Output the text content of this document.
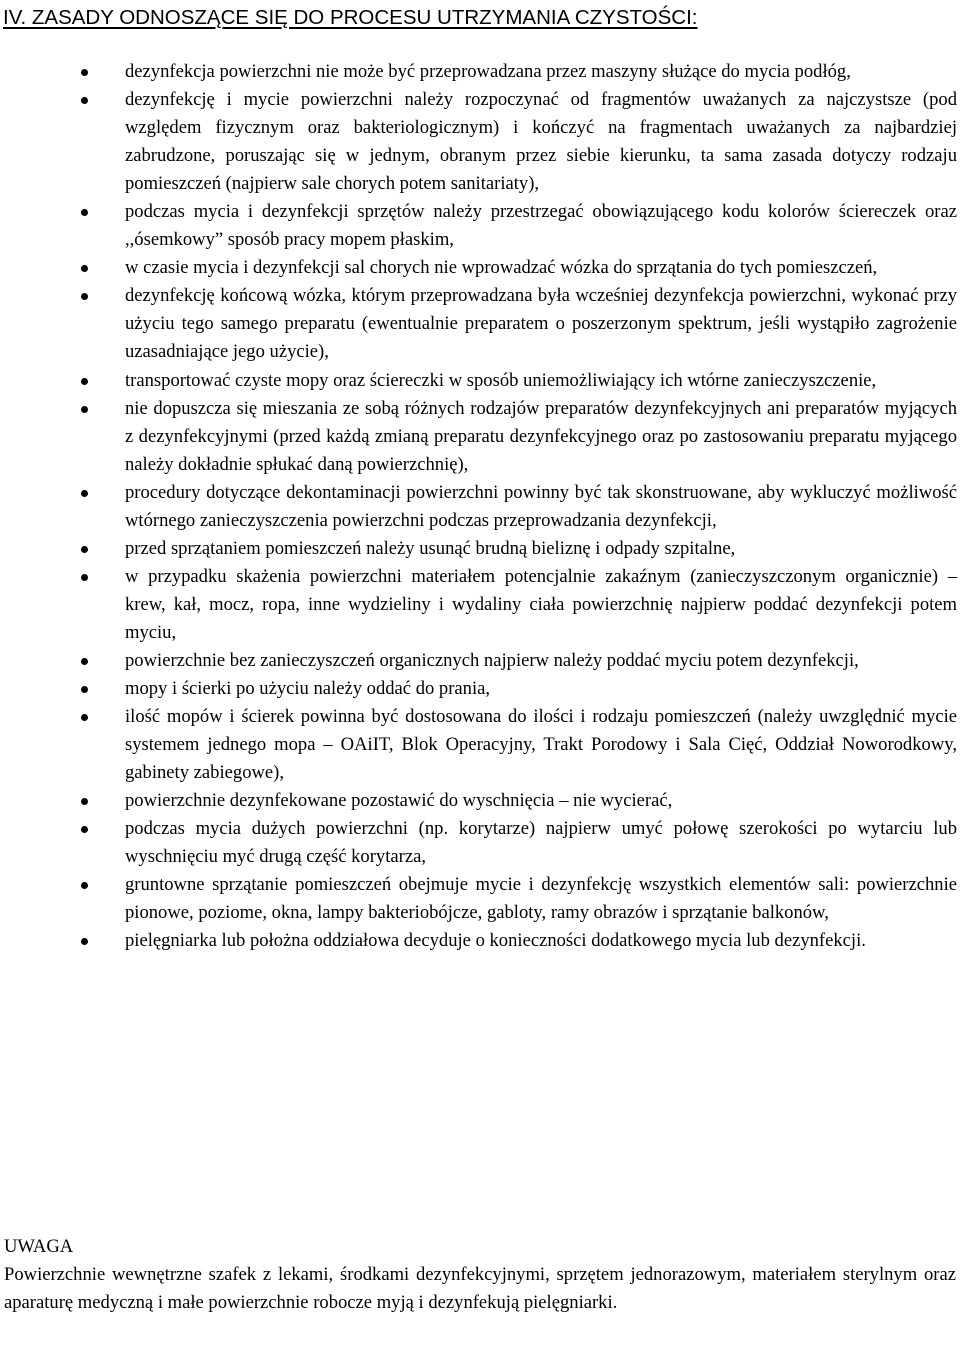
IV. ZASADY ODNOSZĄCE SIĘ DO PROCESU UTRZYMANIA CZYSTOŚCI:
dezynfekcja powierzchni nie może być przeprowadzana przez maszyny służące do mycia podłóg,
dezynfekcję i mycie powierzchni należy rozpoczynać od fragmentów uważanych za najczystsze (pod względem fizycznym oraz bakteriologicznym) i kończyć na fragmentach uważanych za najbardziej zabrudzone, poruszając się w jednym, obranym przez siebie kierunku, ta sama zasada dotyczy rodzaju pomieszczeń (najpierw sale chorych potem sanitariaty),
podczas mycia i dezynfekcji sprzętów należy przestrzegać obowiązującego kodu kolorów ściereczek oraz ,,ósemkowy” sposób pracy mopem płaskim,
w czasie mycia i dezynfekcji sal chorych nie wprowadzać wózka do sprzątania do tych pomieszczeń,
dezynfekcję końcową wózka, którym przeprowadzana była wcześniej dezynfekcja powierzchni, wykonać przy użyciu tego samego preparatu (ewentualnie preparatem o poszerzonym spektrum, jeśli wystąpiło zagrożenie uzasadniające jego użycie),
transportować czyste mopy oraz ściereczki w sposób uniemożliwiający ich wtórne zanieczyszczenie,
nie dopuszcza się mieszania ze sobą różnych rodzajów preparatów dezynfekcyjnych ani preparatów myjących z dezynfekcyjnymi (przed każdą zmianą preparatu dezynfekcyjnego oraz po zastosowaniu preparatu myjącego należy dokładnie spłukać daną powierzchnię),
procedury dotyczące dekontaminacji powierzchni powinny być tak skonstruowane, aby wykluczyć możliwość wtórnego zanieczyszczenia powierzchni podczas przeprowadzania dezynfekcji,
przed sprzątaniem pomieszczeń należy usunąć brudną bieliznę i odpady szpitalne,
w przypadku skażenia powierzchni materiałem potencjalnie zakaźnym (zanieczyszczonym organicznie) – krew, kał, mocz, ropa, inne wydzieliny i wydaliny ciała powierzchnię najpierw poddać dezynfekcji potem myciu,
powierzchnie bez zanieczyszczeń organicznych najpierw należy poddać myciu potem dezynfekcji,
mopy i ścierki po użyciu należy oddać do prania,
ilość mopów i ścierek powinna być dostosowana do ilości i rodzaju pomieszczeń (należy uwzględnić mycie systemem jednego mopa – OAiIT, Blok Operacyjny, Trakt Porodowy i Sala Cięć, Oddział Noworodkowy, gabinety zabiegowe),
powierzchnie dezynfekowane pozostawić do wyschnięcia – nie wycierać,
podczas mycia dużych powierzchni (np. korytarze) najpierw umyć połowę szerokości po wytarciu lub wyschnięciu myć drugą część korytarza,
gruntowne sprzątanie pomieszczeń obejmuje mycie i dezynfekcję wszystkich elementów sali: powierzchnie pionowe, poziome, okna, lampy bakteriobójcze, gabloty, ramy obrazów i sprzątanie balkonów,
pielęgniarka lub położna oddziałowa decyduje o konieczności dodatkowego mycia lub dezynfekcji.
UWAGA
Powierzchnie wewnętrzne szafek z lekami, środkami dezynfekcyjnymi, sprzętem jednorazowym, materiałem sterylnym oraz aparaturę medyczną i małe powierzchnie robocze myją i dezynfekują pielęgniarki.
